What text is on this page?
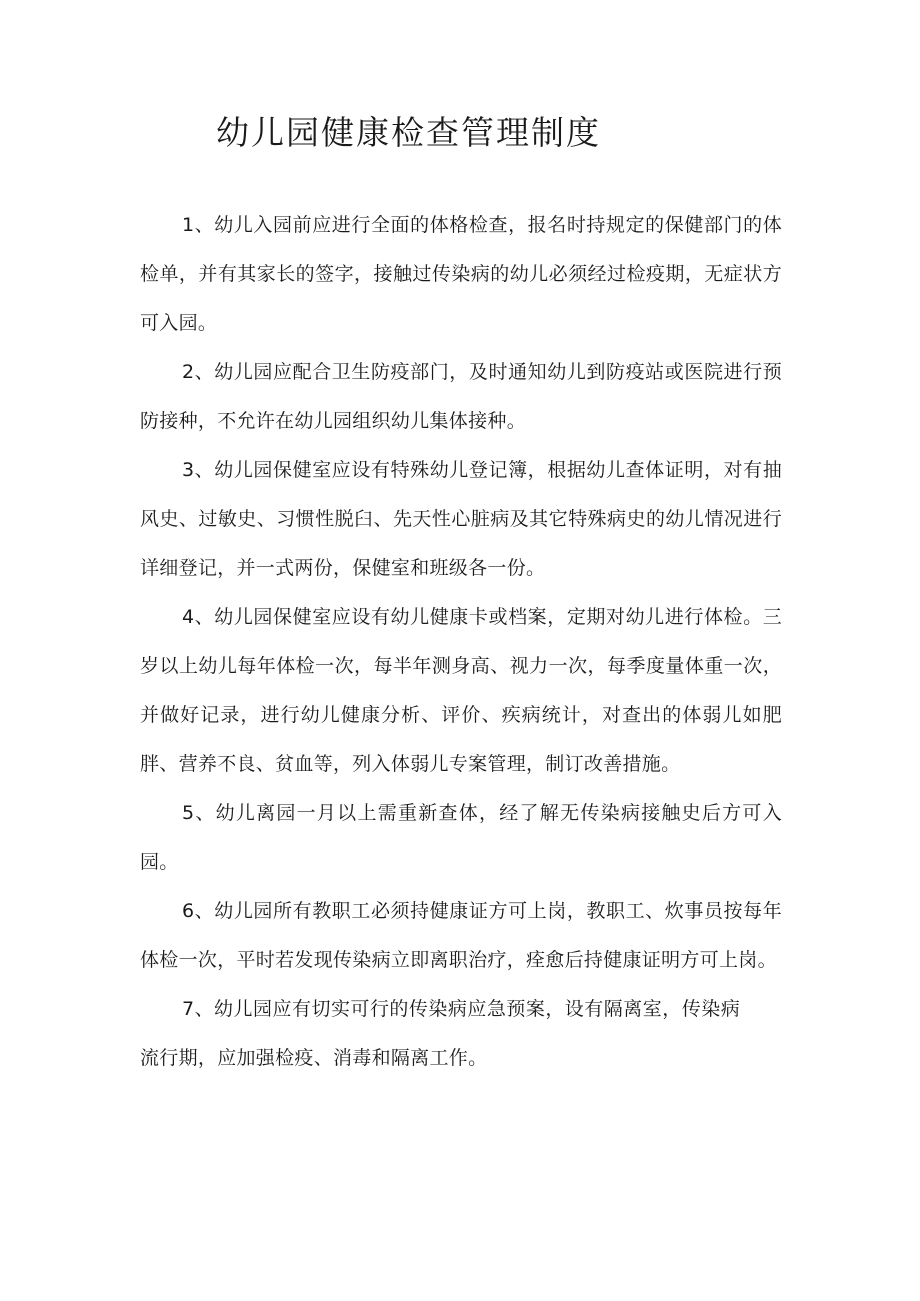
幼儿园健康检查管理制度

1、幼儿入园前应进行全面的体格检查，报名时持规定的保健部门的体检单，并有其家长的签字，接触过传染病的幼儿必须经过检疫期，无症状方可入园。

2、幼儿园应配合卫生防疫部门，及时通知幼儿到防疫站或医院进行预防接种，不允许在幼儿园组织幼儿集体接种。

3、幼儿园保健室应设有特殊幼儿登记簿，根据幼儿查体证明，对有抽风史、过敏史、习惯性脱臼、先天性心脏病及其它特殊病史的幼儿情况进行详细登记，并一式两份，保健室和班级各一份。

4、幼儿园保健室应设有幼儿健康卡或档案，定期对幼儿进行体检。三岁以上幼儿每年体检一次，每半年测身高、视力一次，每季度量体重一次，并做好记录，进行幼儿健康分析、评价、疾病统计，对查出的体弱儿如肥胖、营养不良、贫血等，列入体弱儿专案管理，制订改善措施。

5、幼儿离园一月以上需重新查体，经了解无传染病接触史后方可入园。

6、幼儿园所有教职工必须持健康证方可上岗，教职工、炊事员按每年体检一次，平时若发现传染病立即离职治疗，痊愈后持健康证明方可上岗。

7、幼儿园应有切实可行的传染病应急预案，设有隔离室，传染病流行期，应加强检疫、消毒和隔离工作。
